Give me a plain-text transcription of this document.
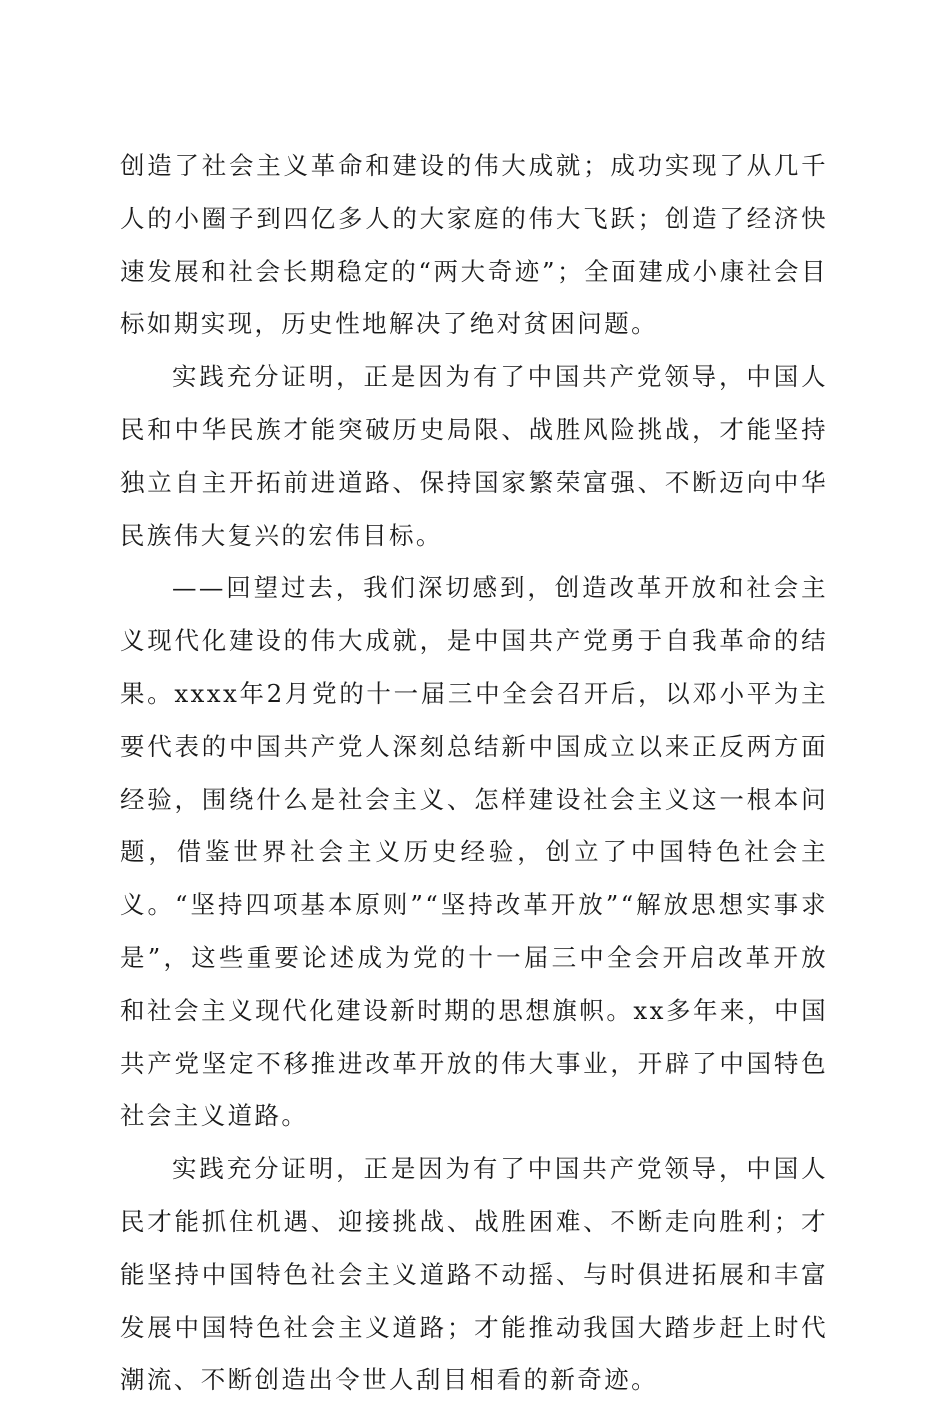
创造了社会主义革命和建设的伟大成就；成功实现了从几千人的小圈子到四亿多人的大家庭的伟大飞跃；创造了经济快速发展和社会长期稳定的“两大奇迹”；全面建成小康社会目标如期实现，历史性地解决了绝对贫困问题。

实践充分证明，正是因为有了中国共产党领导，中国人民和中华民族才能突破历史局限、战胜风险挑战，才能坚持独立自主开拓前进道路、保持国家繁荣富强、不断迈向中华民族伟大复兴的宏伟目标。

——回望过去，我们深切感到，创造改革开放和社会主义现代化建设的伟大成就，是中国共产党勇于自我革命的结果。xxxx年2月党的十一届三中全会召开后，以邓小平为主要代表的中国共产党人深刻总结新中国成立以来正反两方面经验，围绕什么是社会主义、怎样建设社会主义这一根本问题，借鉴世界社会主义历史经验，创立了中国特色社会主义。“坚持四项基本原则”“坚持改革开放”“解放思想实事求是”，这些重要论述成为党的十一届三中全会开启改革开放和社会主义现代化建设新时期的思想旗帜。xx多年来，中国共产党坚定不移推进改革开放的伟大事业，开辟了中国特色社会主义道路。

实践充分证明，正是因为有了中国共产党领导，中国人民才能抓住机遇、迎接挑战、战胜困难、不断走向胜利；才能坚持中国特色社会主义道路不动摇、与时俱进拓展和丰富发展中国特色社会主义道路；才能推动我国大踏步赶上时代潮流、不断创造出令世人刮目相看的新奇迹。
